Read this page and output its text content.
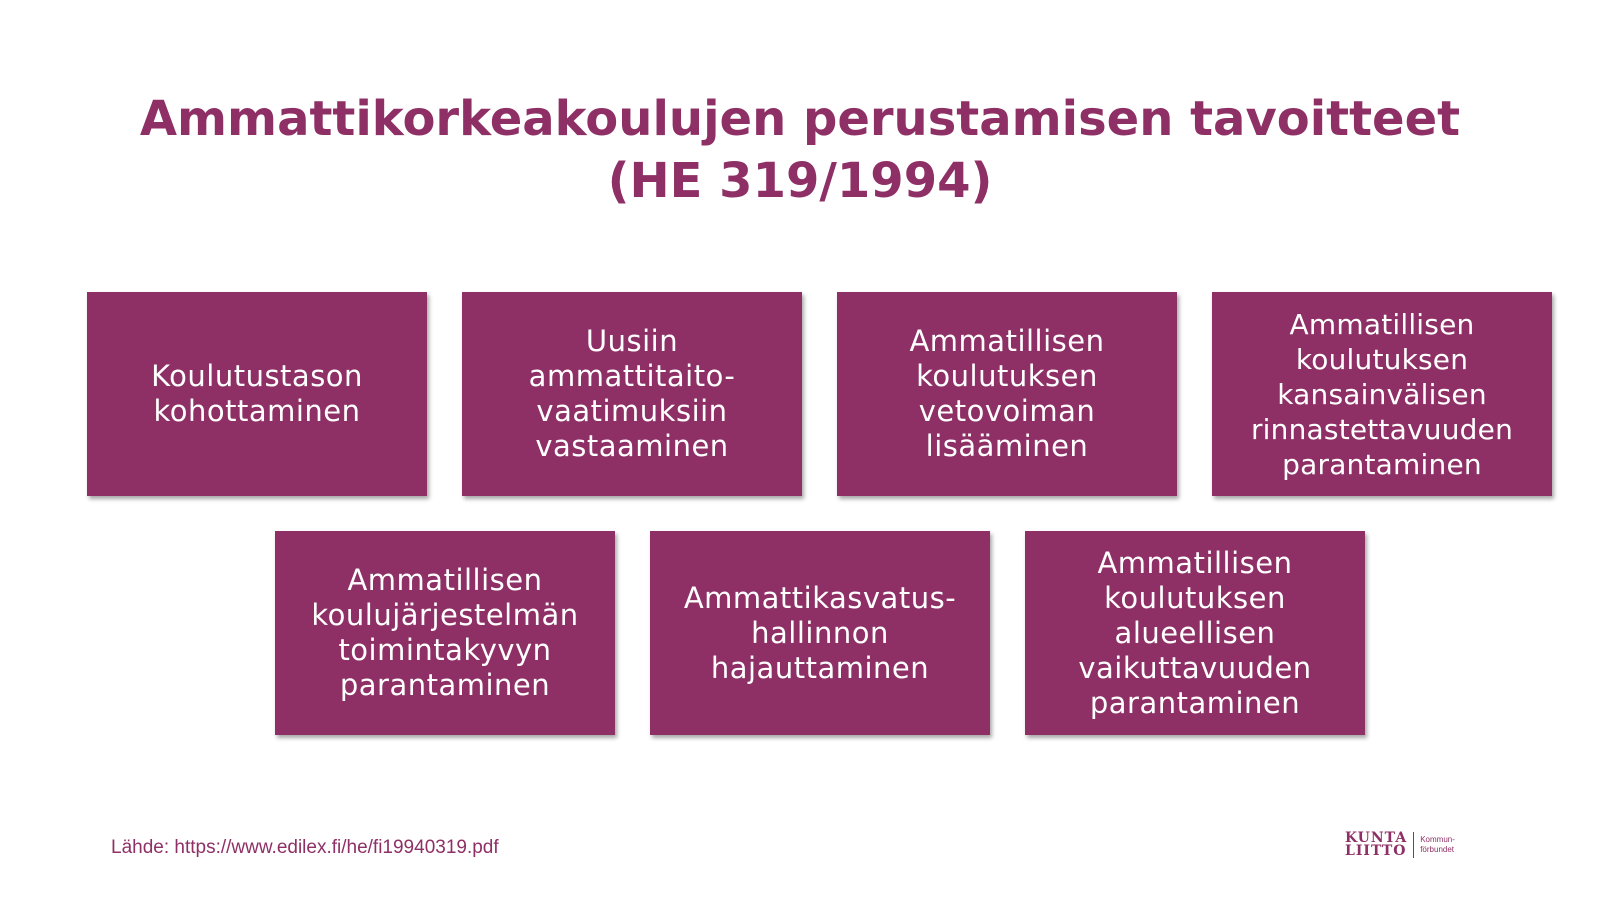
Ammattikorkeakoulujen perustamisen tavoitteet
(HE 319/1994)
Koulutustason
kohottaminen
Uusiin
ammattitaito-
vaatimuksiin
vastaaminen
Ammatillisen
koulutuksen
vetovoiman
lisääminen
Ammatillisen
koulutuksen
kansainvälisen
rinnastettavuuden
parantaminen
Ammatillisen
koulujärjestelmän
toimintakyvyn
parantaminen
Ammattikasvatus-
hallinnon
hajauttaminen
Ammatillisen
koulutuksen
alueellisen
vaikuttavuuden
parantaminen
Lähde: https://www.edilex.fi/he/fi19940319.pdf	KUNTA
LIITTO
Kommun-
förbundet
